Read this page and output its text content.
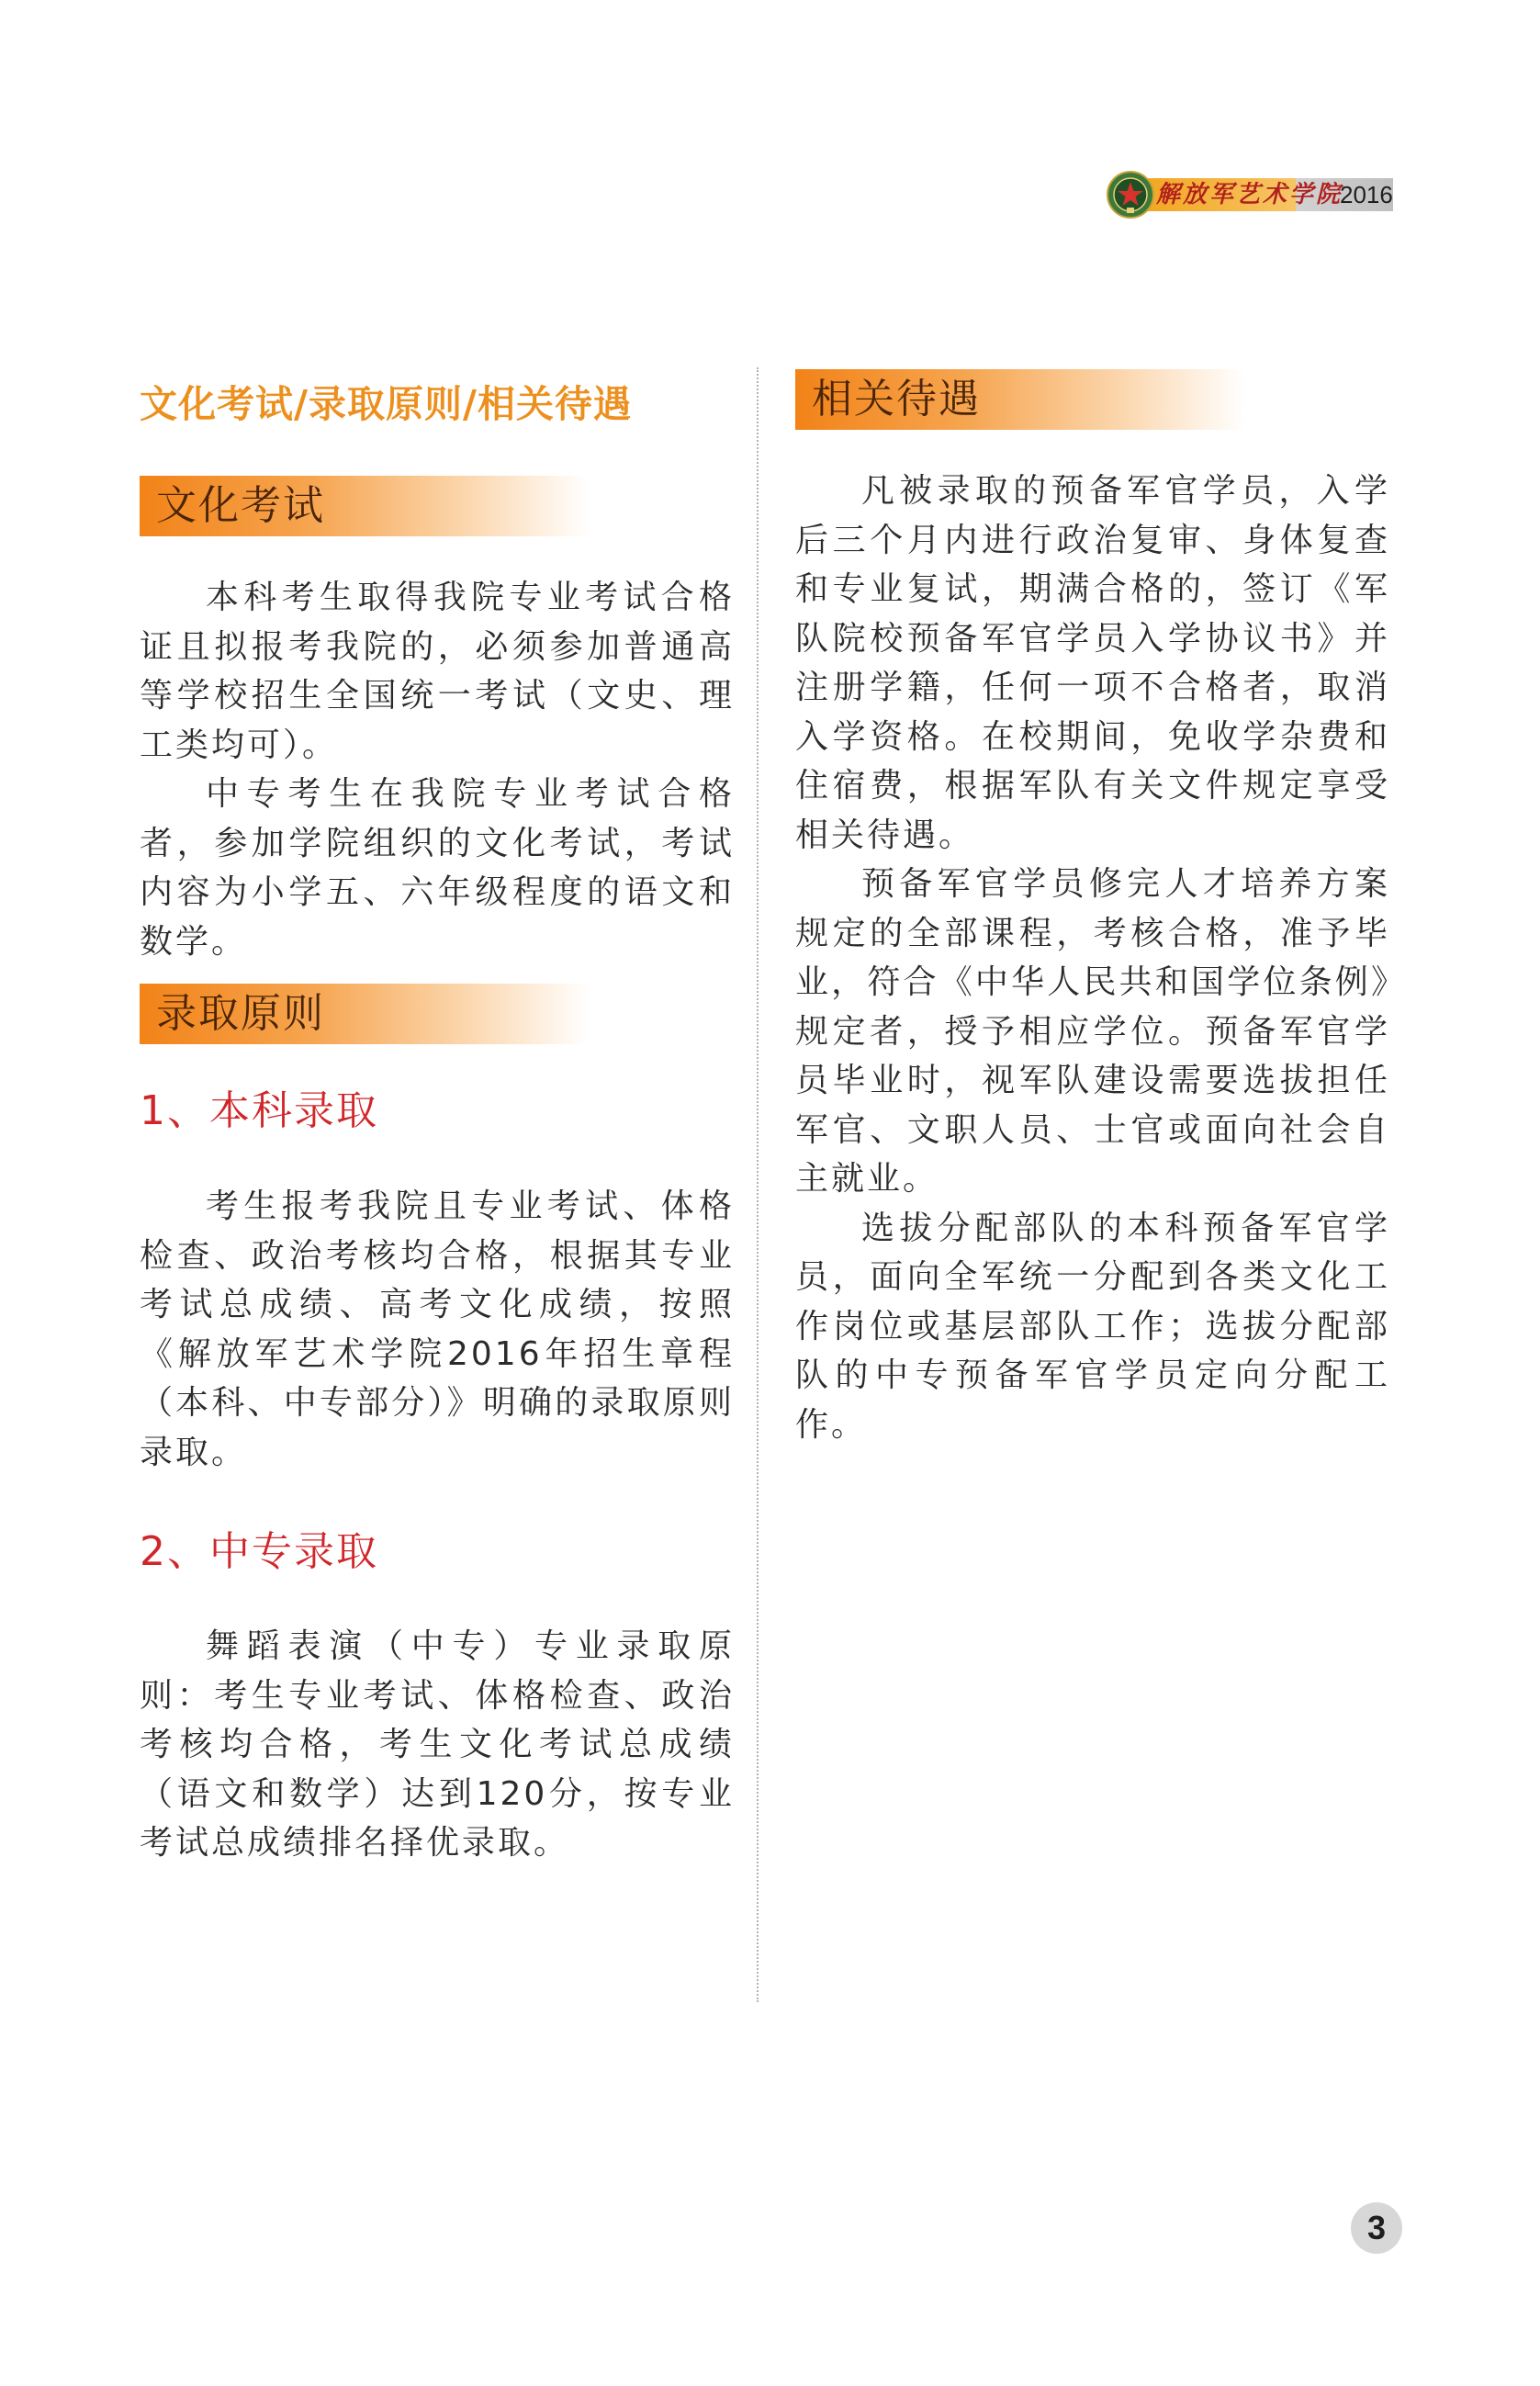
解放军艺术学院
2016
文化考试/录取原则/相关待遇
文化考试

本科考生取得我院专业考试合格证且拟报考我院的，必须参加普通高等学校招生全国统一考试（文史、理工类均可）。

中专考生在我院专业考试合格者，参加学院组织的文化考试，考试内容为小学五、六年级程度的语文和数学。

录取原则
1、本科录取

考生报考我院且专业考试、体格检查、政治考核均合格，根据其专业考试总成绩、高考文化成绩，按照《解放军艺术学院2016年招生章程（本科、中专部分）》明确的录取原则录取。

2、中专录取

舞蹈表演（中专）专业录取原则：考生专业考试、体格检查、政治考核均合格，考生文化考试总成绩（语文和数学）达到120分，按专业考试总成绩排名择优录取。

相关待遇

凡被录取的预备军官学员，入学后三个月内进行政治复审、身体复查和专业复试，期满合格的，签订《军队院校预备军官学员入学协议书》并注册学籍，任何一项不合格者，取消入学资格。在校期间，免收学杂费和住宿费，根据军队有关文件规定享受相关待遇。

预备军官学员修完人才培养方案规定的全部课程，考核合格，准予毕业，符合《中华人民共和国学位条例》规定者，授予相应学位。预备军官学员毕业时，视军队建设需要选拔担任军官、文职人员、士官或面向社会自主就业。

选拔分配部队的本科预备军官学员，面向全军统一分配到各类文化工作岗位或基层部队工作；选拔分配部队的中专预备军官学员定向分配工作。

3
